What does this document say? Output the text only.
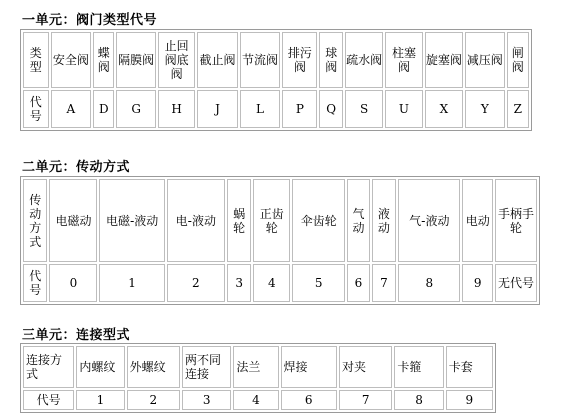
一单元：阀门类型代号
类型	安全阀	蝶阀	隔膜阀	止回阀底阀	截止阀	节流阀	排污阀	球阀	疏水阀	柱塞阀	旋塞阀	减压阀	闸阀
代号	A	D	G	H	J	L	P	Q	S	U	X	Y	Z
二单元：传动方式
传动方式	电磁动	电磁-液动	电-液动	蜗轮	正齿轮	伞齿轮	气动	液动	气-液动	电动	手柄手轮
代号	0	1	2	3	4	5	6	7	8	9	无代号
三单元：连接型式
连接方式	内螺纹	外螺纹	两不同连接	法兰	焊接	对夹	卡箍	卡套
代号	1	2	3	4	6	7	8	9
